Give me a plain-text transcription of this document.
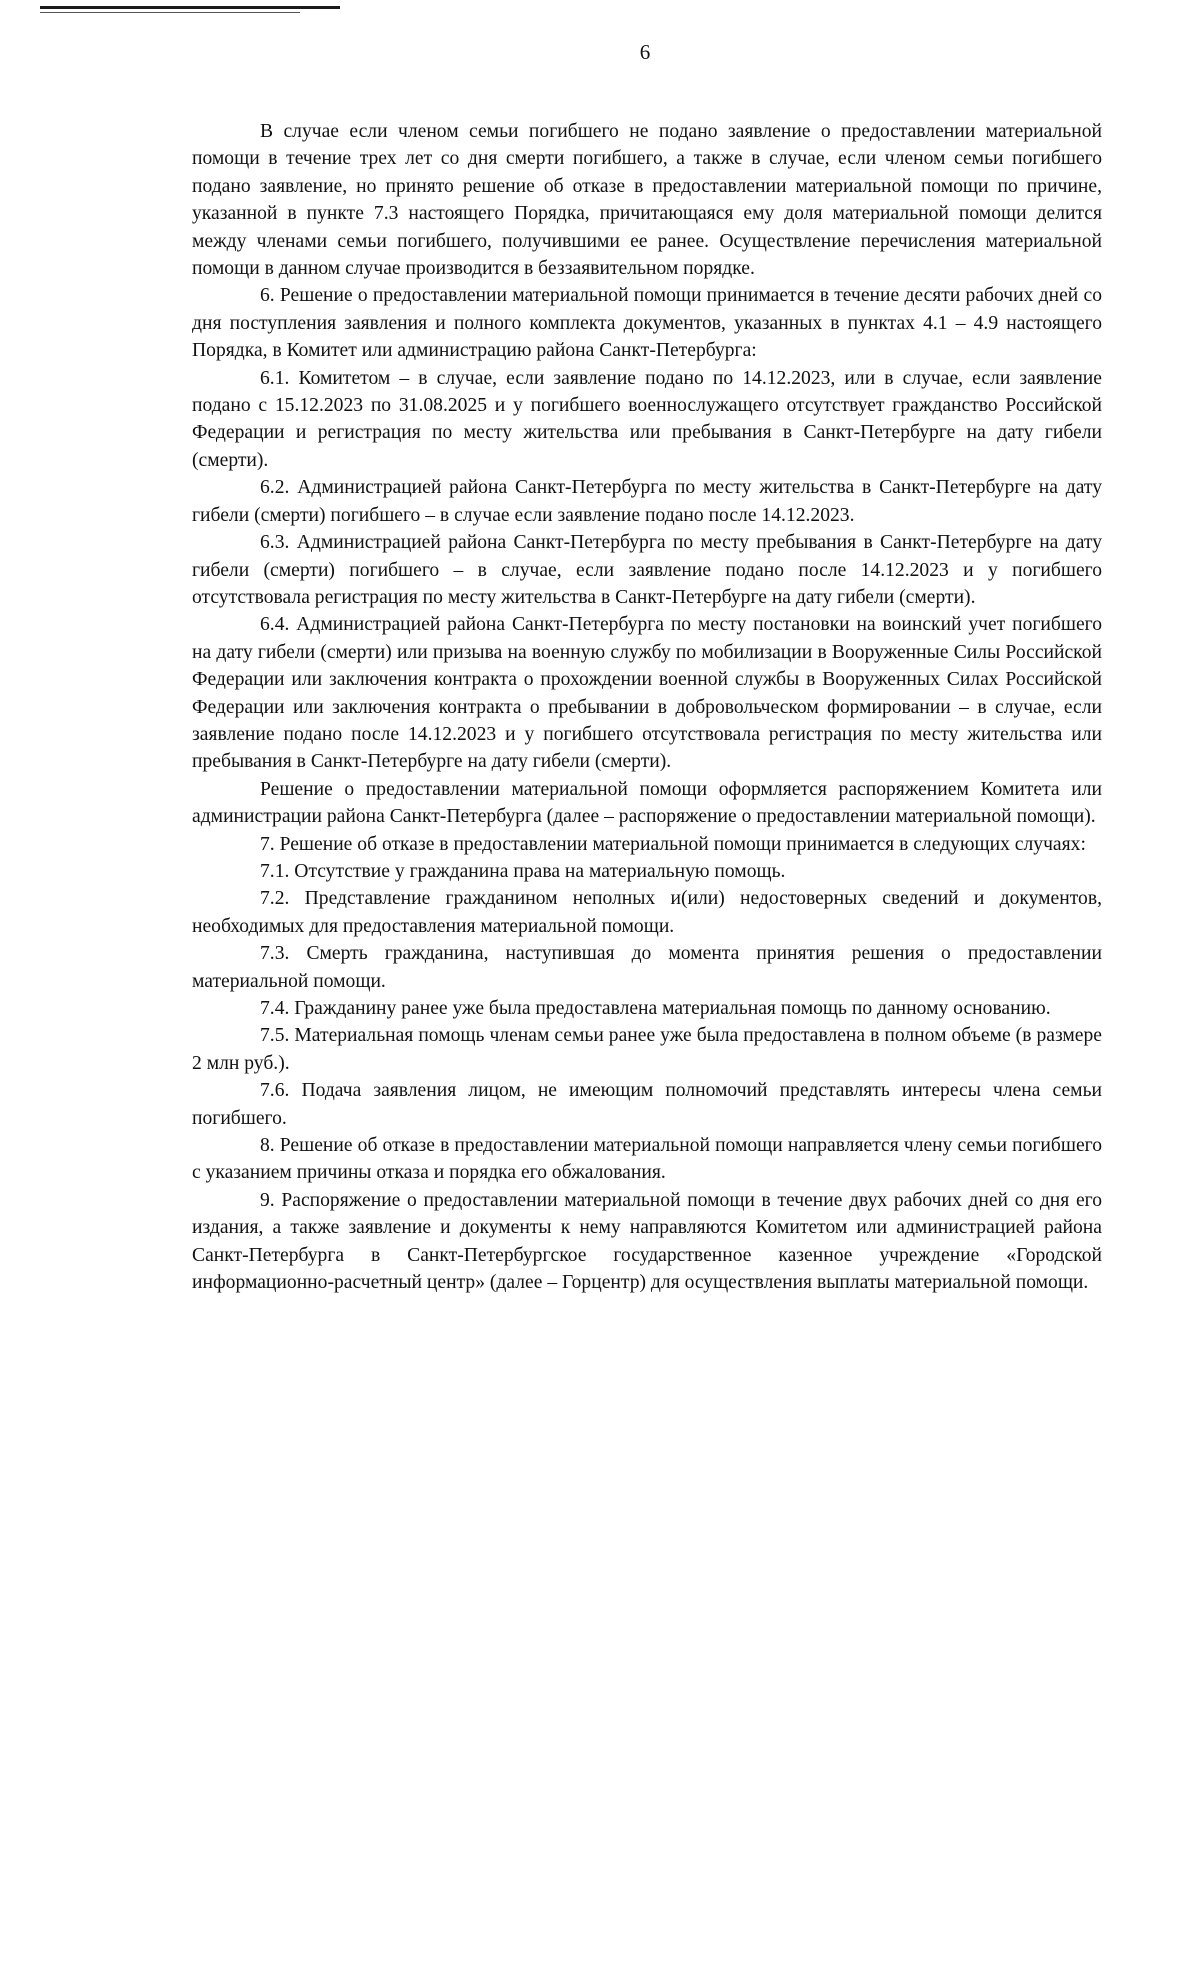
6

В случае если членом семьи погибшего не подано заявление о предоставлении материальной помощи в течение трех лет со дня смерти погибшего, а также в случае, если членом семьи погибшего подано заявление, но принято решение об отказе в предоставлении материальной помощи по причине, указанной в пункте 7.3 настоящего Порядка, причитающаяся ему доля материальной помощи делится между членами семьи погибшего, получившими ее ранее. Осуществление перечисления материальной помощи в данном случае производится в беззаявительном порядке.

6. Решение о предоставлении материальной помощи принимается в течение десяти рабочих дней со дня поступления заявления и полного комплекта документов, указанных в пунктах 4.1 – 4.9 настоящего Порядка, в Комитет или администрацию района Санкт-Петербурга:

6.1. Комитетом – в случае, если заявление подано по 14.12.2023, или в случае, если заявление подано с 15.12.2023 по 31.08.2025 и у погибшего военнослужащего отсутствует гражданство Российской Федерации и регистрация по месту жительства или пребывания в Санкт-Петербурге на дату гибели (смерти).

6.2. Администрацией района Санкт-Петербурга по месту жительства в Санкт-Петербурге на дату гибели (смерти) погибшего – в случае если заявление подано после 14.12.2023.

6.3. Администрацией района Санкт-Петербурга по месту пребывания в Санкт-Петербурге на дату гибели (смерти) погибшего – в случае, если заявление подано после 14.12.2023 и у погибшего отсутствовала регистрация по месту жительства в Санкт-Петербурге на дату гибели (смерти).

6.4. Администрацией района Санкт-Петербурга по месту постановки на воинский учет погибшего на дату гибели (смерти) или призыва на военную службу по мобилизации в Вооруженные Силы Российской Федерации или заключения контракта о прохождении военной службы в Вооруженных Силах Российской Федерации или заключения контракта о пребывании в добровольческом формировании – в случае, если заявление подано после 14.12.2023 и у погибшего отсутствовала регистрация по месту жительства или пребывания в Санкт-Петербурге на дату гибели (смерти).

Решение о предоставлении материальной помощи оформляется распоряжением Комитета или администрации района Санкт-Петербурга (далее – распоряжение о предоставлении материальной помощи).

7. Решение об отказе в предоставлении материальной помощи принимается в следующих случаях:

7.1. Отсутствие у гражданина права на материальную помощь.

7.2. Представление гражданином неполных и(или) недостоверных сведений и документов, необходимых для предоставления материальной помощи.

7.3. Смерть гражданина, наступившая до момента принятия решения о предоставлении материальной помощи.

7.4. Гражданину ранее уже была предоставлена материальная помощь по данному основанию.

7.5. Материальная помощь членам семьи ранее уже была предоставлена в полном объеме (в размере 2 млн руб.).

7.6. Подача заявления лицом, не имеющим полномочий представлять интересы члена семьи погибшего.

8. Решение об отказе в предоставлении материальной помощи направляется члену семьи погибшего с указанием причины отказа и порядка его обжалования.

9. Распоряжение о предоставлении материальной помощи в течение двух рабочих дней со дня его издания, а также заявление и документы к нему направляются Комитетом или администрацией района Санкт-Петербурга в Санкт-Петербургское государственное казенное учреждение «Городской информационно-расчетный центр» (далее – Горцентр) для осуществления выплаты материальной помощи.
